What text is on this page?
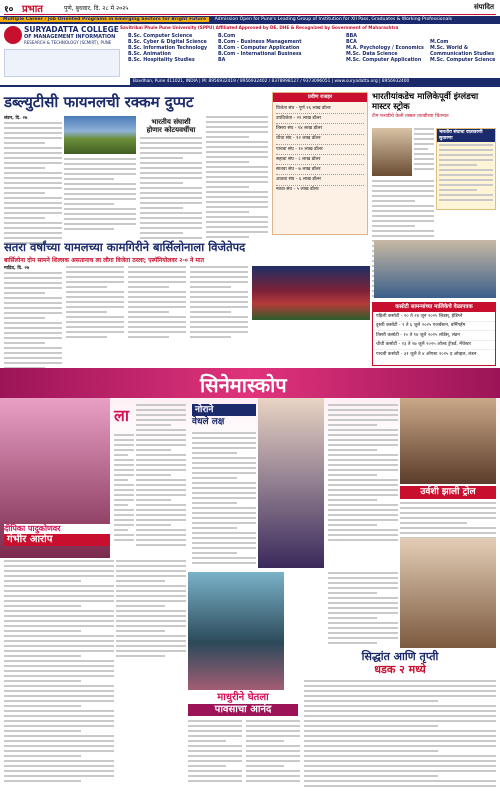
१० प्रभात	पुणे, बुधवार, दि. २८ मे २०२५	संपादित
Multiple Career / Job Oriented Programs in Emerging Sectors for Bright Future Admission Open for Pune's Leading Group of Institution for XII Pass, Graduates & Working Professionals
Savitribai Phule Pune University (SPPU) Affiliated Approved by DE, DHE & Recognized by Government of Maharashtra
SURYADATTA COLLEGE
OF MANAGEMENT INFORMATION
RESEARCH & TECHNOLOGY (SCMIRT), PUNE
B.Sc. Computer Science
B.Sc. Cyber & Digital Science
B.Sc. Information Technology
B.Sc. Animation
B.Sc. Hospitality Studies
B.Com
B.Com - Business Management
B.Com - Computer Application
B.Com - International Business
BA
BBA
BCA
M.A. Psychology / Economics
M.Sc. Data Science
M.Sc. Computer Application
M.Com
M.Sc. World & Communication Studies
M.Sc. Computer Science
Bavdhan, Pune 411021, INDIA | M: 8956932419 / 8956932402 / 8378998127 / 9373096051 | www.suryadatta.org | 8956932400
डब्ल्युटीसी फायनलची रक्कम दुप्पट
लंडन, दि. २७	भारतीय संघाशी
होणार कोटयवधींचा
प्रवीण राजहर
विजेता संघ - पूर्ण २६ लाख डॉलर
उपविजेता - २१ लाख डॉलर
तिसरा संघ - १४ लाख डॉलर
चौथा संघ - १२ लाख डॉलर
पाचवा संघ - १० लाख डॉलर
सहावा संघ - ८ लाख डॉलर
सातवा संघ - ७ लाख डॉलर
आठवा संघ - ६ लाख डॉलर
नववा संघ - ५ लाख डॉलर
भारतीयांकडेच मालिकेपूर्वी इंग्लंडचा मास्टर स्ट्रोक
टीम फराडीचे केली तब्बल तातडीच्या चिंतनात
भारतीय संघाचा वातावरणी सुधारणा
सतरा वर्षांच्या यामलच्या कामगिरीने बार्सिलोनाला विजेतेपद
बार्सिलोना दोन सामने शिल्लक असतानाच ला लीगा विजेता ठरला; एस्पॅनियोलवर २-० ने मात
माद्रिद, दि. २७
कसोटी सामन्यांच्या मालिकेचे वेळापत्रक
पहिली कसोटी - २० ते २४ जून २०२५ लिडस्, हेडिंग्ले
दुसरी कसोटी - २ ते ६ जुलै २०२५ एजबॅस्टन, बर्मिंगहॅम
तिसरी कसोटी - १० ते १४ जुलै २०२५ लॉर्डस्, लंडन
चौथी कसोटी - २३ ते २७ जुलै २०२५ ओल्ड ट्रॅफर्ड, मँचेस्टर
पाचवी कसोटी - ३१ जुलै ते ४ ऑगस्ट २०२५ द ओव्हल, लंडन
सिनेमास्कोप
दीपिका पादुकोणवर
गंभीर आरोप
ला	नोराने
वेधले लक्ष
उर्वशी झाली ट्रोल
माधुरीने घेतला
पावसाचा आनंद
सिद्धांत आणि तृप्ती
धडक २ मध्ये
